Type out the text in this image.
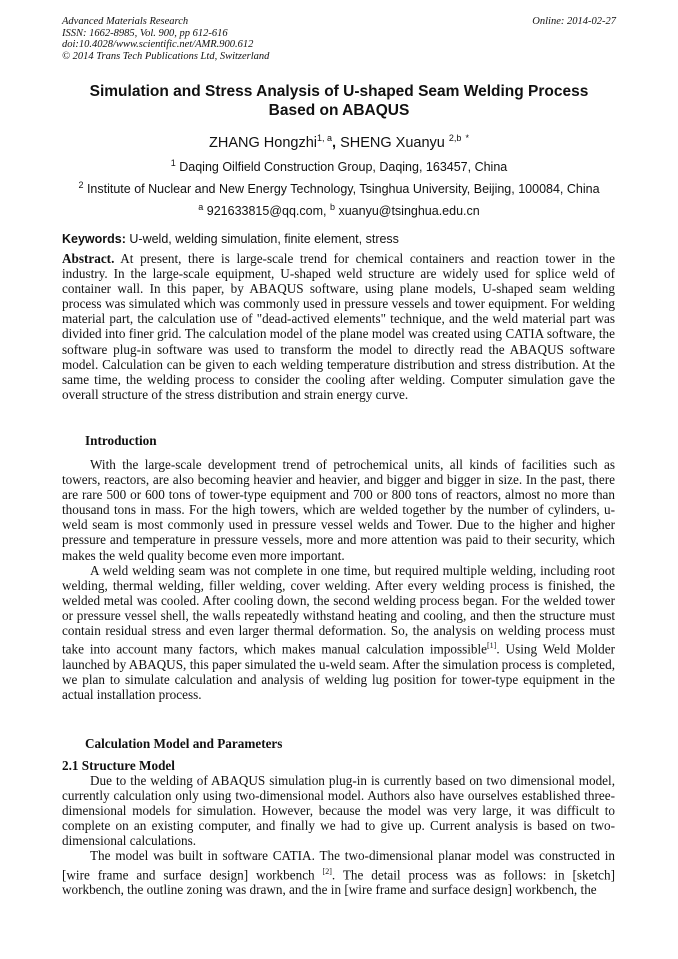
Advanced Materials Research
ISSN: 1662-8985, Vol. 900, pp 612-616
doi:10.4028/www.scientific.net/AMR.900.612
© 2014 Trans Tech Publications Ltd, Switzerland
Online: 2014-02-27
Simulation and Stress Analysis of U-shaped Seam Welding Process
Based on ABAQUS
ZHANG Hongzhi$^{1, a}$, SHENG Xuanyu $^{2,b}$ *
$^1$ Daqing Oilfield Construction Group, Daqing, 163457, China
$^2$ Institute of Nuclear and New Energy Technology, Tsinghua University, Beijing, 100084, China
$^a$ 921633815@qq.com, $^b$ xuanyu@tsinghua.edu.cn
Keywords: U-weld, welding simulation, finite element, stress

Abstract. At present, there is large-scale trend for chemical containers and reaction tower in the industry. In the large-scale equipment, U-shaped weld structure are widely used for splice weld of container wall. In this paper, by ABAQUS software, using plane models, U-shaped seam welding process was simulated which was commonly used in pressure vessels and tower equipment. For welding material part, the calculation use of "dead-actived elements" technique, and the weld material part was divided into finer grid. The calculation model of the plane model was created using CATIA software, the software plug-in software was used to transform the model to directly read the ABAQUS software model. Calculation can be given to each welding temperature distribution and stress distribution. At the same time, the welding process to consider the cooling after welding. Computer simulation gave the overall structure of the stress distribution and strain energy curve.

Introduction

With the large-scale development trend of petrochemical units, all kinds of facilities such as towers, reactors, are also becoming heavier and heavier, and bigger and bigger in size. In the past, there are rare 500 or 600 tons of tower-type equipment and 700 or 800 tons of reactors, almost no more than thousand tons in mass. For the high towers, which are welded together by the number of cylinders, u-weld seam is most commonly used in pressure vessel welds and Tower. Due to the higher and higher pressure and temperature in pressure vessels, more and more attention was paid to their security, which makes the weld quality become even more important.

A weld welding seam was not complete in one time, but required multiple welding, including root welding, thermal welding, filler welding, cover welding. After every welding process is finished, the welded metal was cooled. After cooling down, the second welding process began. For the welded tower or pressure vessel shell, the walls repeatedly withstand heating and cooling, and then the structure must contain residual stress and even larger thermal deformation. So, the analysis on welding process must take into account many factors, which makes manual calculation impossible[1]. Using Weld Molder launched by ABAQUS, this paper simulated the u-weld seam. After the simulation process is completed, we plan to simulate calculation and analysis of welding lug position for tower-type equipment in the actual installation process.

Calculation Model and Parameters
2.1 Structure Model

Due to the welding of ABAQUS simulation plug-in is currently based on two dimensional model, currently calculation only using two-dimensional model. Authors also have ourselves established three-dimensional models for simulation. However, because the model was very large, it was difficult to complete on an existing computer, and finally we had to give up. Current analysis is based on two-dimensional calculations.

The model was built in software CATIA. The two-dimensional planar model was constructed in [wire frame and surface design] workbench [2]. The detail process was as follows: in [sketch] workbench, the outline zoning was drawn, and the in [wire frame and surface design] workbench, the
